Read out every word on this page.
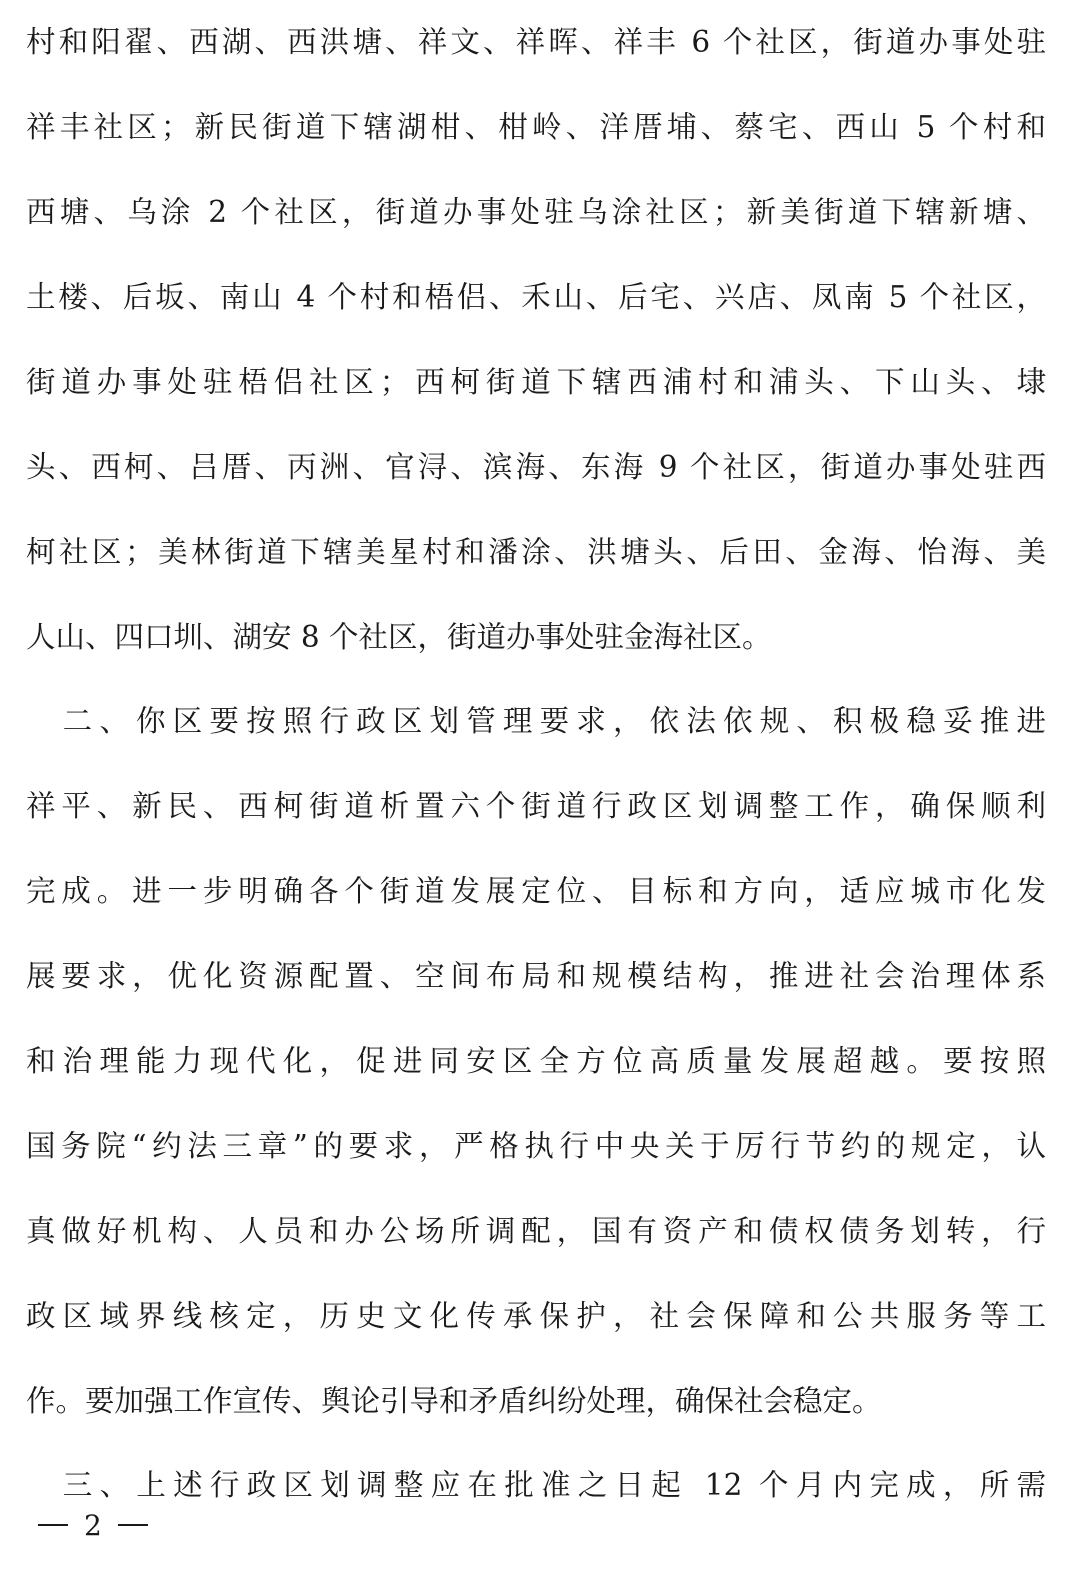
村和阳翟、西湖、西洪塘、祥文、祥晖、祥丰 6 个社区，街道办事处驻
祥丰社区；新民街道下辖湖柑、柑岭、洋厝埔、蔡宅、西山 5 个村和
西塘、乌涂 2 个社区，街道办事处驻乌涂社区；新美街道下辖新塘、
土楼、后坂、南山 4 个村和梧侣、禾山、后宅、兴店、凤南 5 个社区，
街道办事处驻梧侣社区；西柯街道下辖西浦村和浦头、下山头、埭
头、西柯、吕厝、丙洲、官浔、滨海、东海 9 个社区，街道办事处驻西
柯社区；美林街道下辖美星村和潘涂、洪塘头、后田、金海、怡海、美
人山、四口圳、湖安 8 个社区，街道办事处驻金海社区。
　二、你区要按照行政区划管理要求，依法依规、积极稳妥推进
祥平、新民、西柯街道析置六个街道行政区划调整工作，确保顺利
完成。进一步明确各个街道发展定位、目标和方向，适应城市化发
展要求，优化资源配置、空间布局和规模结构，推进社会治理体系
和治理能力现代化，促进同安区全方位高质量发展超越。要按照
国务院“约法三章”的要求，严格执行中央关于厉行节约的规定，认
真做好机构、人员和办公场所调配，国有资产和债权债务划转，行
政区域界线核定，历史文化传承保护，社会保障和公共服务等工
作。要加强工作宣传、舆论引导和矛盾纠纷处理，确保社会稳定。
　三、上述行政区划调整应在批准之日起 12 个月内完成，所需
2
